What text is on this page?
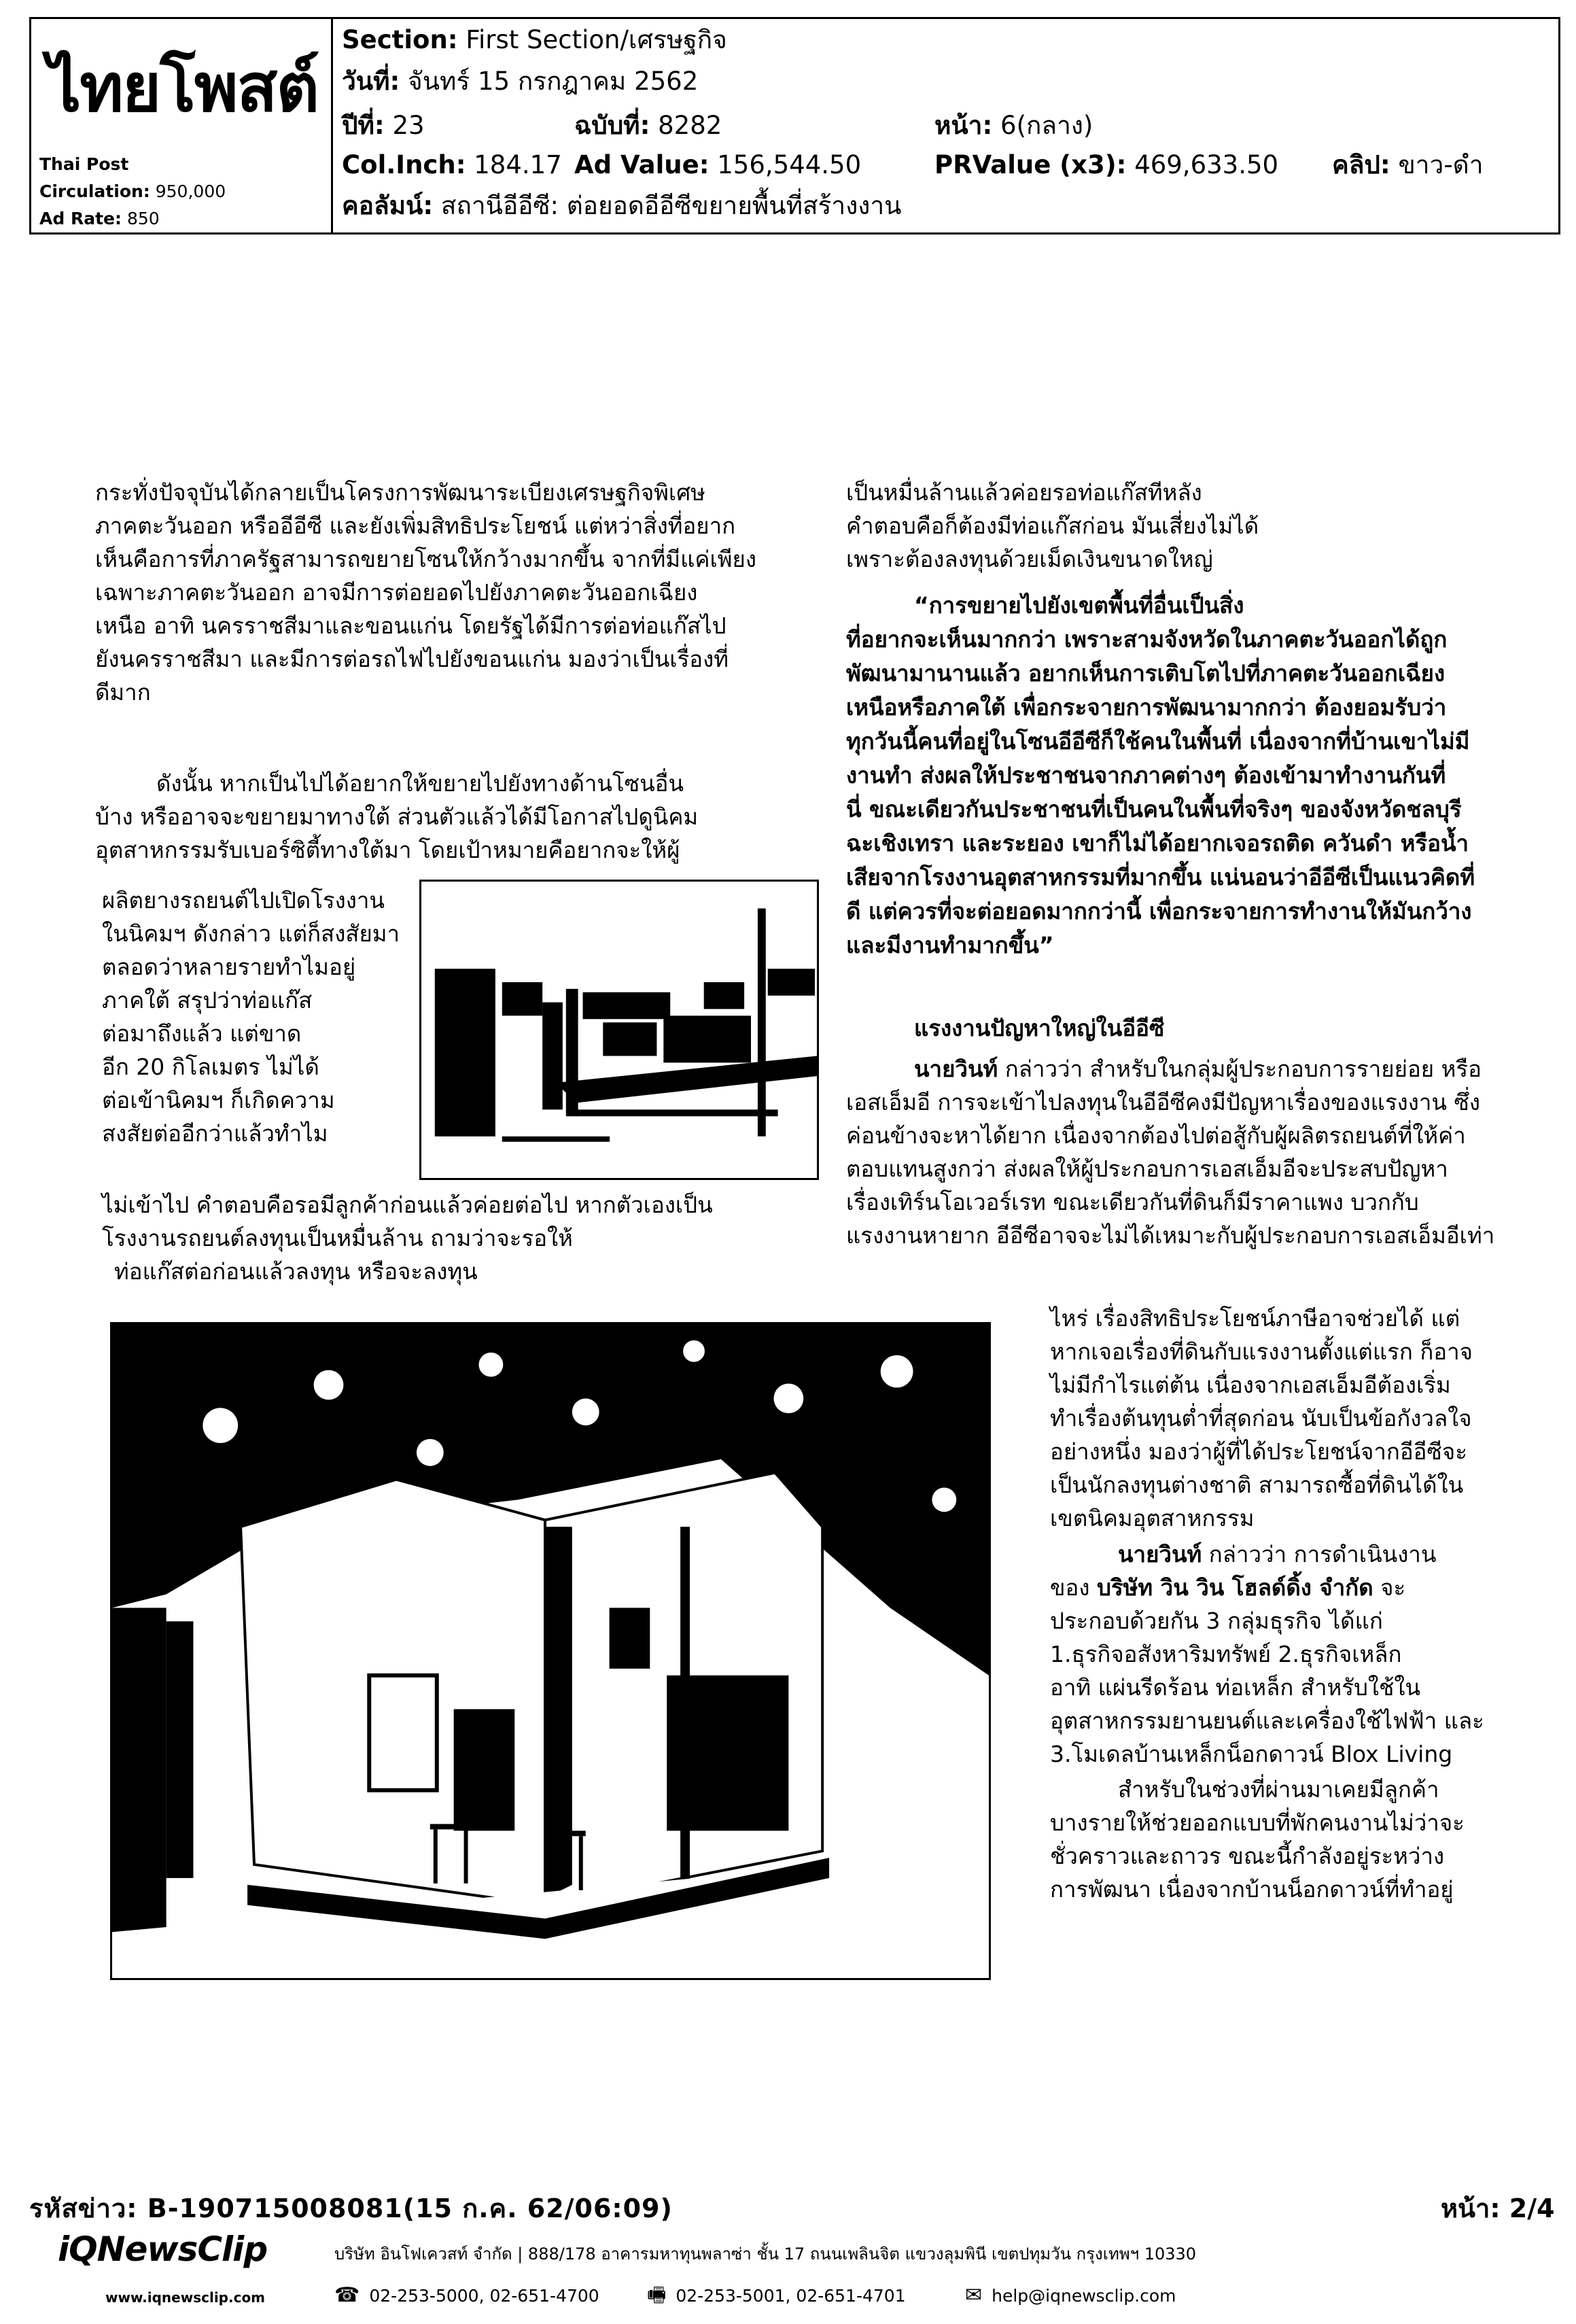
ไทยโพสต์
Thai Post
Circulation: 950,000
Ad Rate: 850
Section: First Section/เศรษฐกิจ
วันที่: จันทร์ 15 กรกฎาคม 2562
ปีที่: 23	ฉบับที่: 8282	หน้า: 6(กลาง)
Col.Inch: 184.17 Ad Value: 156,544.50	PRValue (x3): 469,633.50 คลิป: ขาว-ดำ
คอลัมน์: สถานีอีอีซี: ต่อยอดอีอีซีขยายพื้นที่สร้างงาน

กระทั่งปัจจุบันได้กลายเป็นโครงการพัฒนาระเบียงเศรษฐกิจพิเศษ

ภาคตะวันออก หรืออีอีซี และยังเพิ่มสิทธิประโยชน์ แต่หว่าสิ่งที่อยาก

เห็นคือการที่ภาครัฐสามารถขยายโซนให้กว้างมากขึ้น จากที่มีแค่เพียง

เฉพาะภาคตะวันออก อาจมีการต่อยอดไปยังภาคตะวันออกเฉียง

เหนือ อาทิ นครราชสีมาและขอนแก่น โดยรัฐได้มีการต่อท่อแก๊สไป

ยังนครราชสีมา และมีการต่อรถไฟไปยังขอนแก่น มองว่าเป็นเรื่องที่

ดีมาก

ดังนั้น หากเป็นไปได้อยากให้ขยายไปยังทางด้านโซนอื่น

บ้าง หรืออาจจะขยายมาทางใต้ ส่วนตัวแล้วได้มีโอกาสไปดูนิคม

อุตสาหกรรมรับเบอร์ซิตี้ทางใต้มา โดยเป้าหมายคือยากจะให้ผู้

ผลิตยางรถยนต์ไปเปิดโรงงาน

ในนิคมฯ ดังกล่าว แต่ก็สงสัยมา

ตลอดว่าหลายรายทำไมอยู่

ภาคใต้ สรุปว่าท่อแก๊ส

ต่อมาถึงแล้ว แต่ขาด

อีก 20 กิโลเมตร ไม่ได้

ต่อเข้านิคมฯ ก็เกิดความ

สงสัยต่ออีกว่าแล้วทำไม

ไม่เข้าไป คำตอบคือรอมีลูกค้าก่อนแล้วค่อยต่อไป หากตัวเองเป็น

โรงงานรถยนต์ลงทุนเป็นหมื่นล้าน ถามว่าจะรอให้

ท่อแก๊สต่อก่อนแล้วลงทุน หรือจะลงทุน

เป็นหมื่นล้านแล้วค่อยรอท่อแก๊สทีหลัง

คำตอบคือก็ต้องมีท่อแก๊สก่อน มันเสี่ยงไม่ได้

เพราะต้องลงทุนด้วยเม็ดเงินขนาดใหญ่

“การขยายไปยังเขตพื้นที่อื่นเป็นสิ่ง

ที่อยากจะเห็นมากกว่า เพราะสามจังหวัดในภาคตะวันออกได้ถูก

พัฒนามานานแล้ว อยากเห็นการเติบโตไปที่ภาคตะวันออกเฉียง

เหนือหรือภาคใต้ เพื่อกระจายการพัฒนามากกว่า ต้องยอมรับว่า

ทุกวันนี้คนที่อยู่ในโซนอีอีซีก็ใช้คนในพื้นที่ เนื่องจากที่บ้านเขาไม่มี

งานทำ ส่งผลให้ประชาชนจากภาคต่างๆ ต้องเข้ามาทำงานกันที่

นี่ ขณะเดียวกันประชาชนที่เป็นคนในพื้นที่จริงๆ ของจังหวัดชลบุรี

ฉะเชิงเทรา และระยอง เขาก็ไม่ได้อยากเจอรถติด ควันดำ หรือน้ำ

เสียจากโรงงานอุตสาหกรรมที่มากขึ้น แน่นอนว่าอีอีซีเป็นแนวคิดที่

ดี แต่ควรที่จะต่อยอดมากกว่านี้ เพื่อกระจายการทำงานให้มันกว้าง

และมีงานทำมากขึ้น”

แรงงานปัญหาใหญ่ในอีอีซี

นายวินท์ กล่าวว่า สำหรับในกลุ่มผู้ประกอบการรายย่อย หรือ

เอสเอ็มอี การจะเข้าไปลงทุนในอีอีซีคงมีปัญหาเรื่องของแรงงาน ซึ่ง

ค่อนข้างจะหาได้ยาก เนื่องจากต้องไปต่อสู้กับผู้ผลิตรถยนต์ที่ให้ค่า

ตอบแทนสูงกว่า ส่งผลให้ผู้ประกอบการเอสเอ็มอีจะประสบปัญหา

เรื่องเทิร์นโอเวอร์เรท ขณะเดียวกันที่ดินก็มีราคาแพง บวกกับ

แรงงานหายาก อีอีซีอาจจะไม่ได้เหมาะกับผู้ประกอบการเอสเอ็มอีเท่า

ไหร่ เรื่องสิทธิประโยชน์ภาษีอาจช่วยได้ แต่

หากเจอเรื่องที่ดินกับแรงงานตั้งแต่แรก ก็อาจ

ไม่มีกำไรแต่ต้น เนื่องจากเอสเอ็มอีต้องเริ่ม

ทำเรื่องต้นทุนต่ำที่สุดก่อน นับเป็นข้อกังวลใจ

อย่างหนึ่ง มองว่าผู้ที่ได้ประโยชน์จากอีอีซีจะ

เป็นนักลงทุนต่างชาติ สามารถซื้อที่ดินได้ใน

เขตนิคมอุตสาหกรรม

นายวินท์ กล่าวว่า การดำเนินงาน

ของ บริษัท วิน วิน โฮลด์ดิ้ง จำกัด จะ

ประกอบด้วยกัน 3 กลุ่มธุรกิจ ได้แก่

1.ธุรกิจอสังหาริมทรัพย์ 2.ธุรกิจเหล็ก

อาทิ แผ่นรีดร้อน ท่อเหล็ก สำหรับใช้ใน

อุตสาหกรรมยานยนต์และเครื่องใช้ไฟฟ้า และ

3.โมเดลบ้านเหล็กน็อกดาวน์ Blox Living

สำหรับในช่วงที่ผ่านมาเคยมีลูกค้า

บางรายให้ช่วยออกแบบที่พักคนงานไม่ว่าจะ

ชั่วคราวและถาวร ขณะนี้กำลังอยู่ระหว่าง

การพัฒนา เนื่องจากบ้านน็อกดาวน์ที่ทำอยู่

รหัสข่าว: B-190715008081(15 ก.ค. 62/06:09)	หน้า: 2/4
iQNewsClip
www.iqnewsclip.com
บริษัท อินโฟเควสท์ จำกัด | 888/178 อาคารมหาทุนพลาซ่า ชั้น 17 ถนนเพลินจิต แขวงลุมพินี เขตปทุมวัน กรุงเทพฯ 10330
☎ 02-253-5000, 02-651-4700 🖷 02-253-5001, 02-651-4701	✉ help@iqnewsclip.com
